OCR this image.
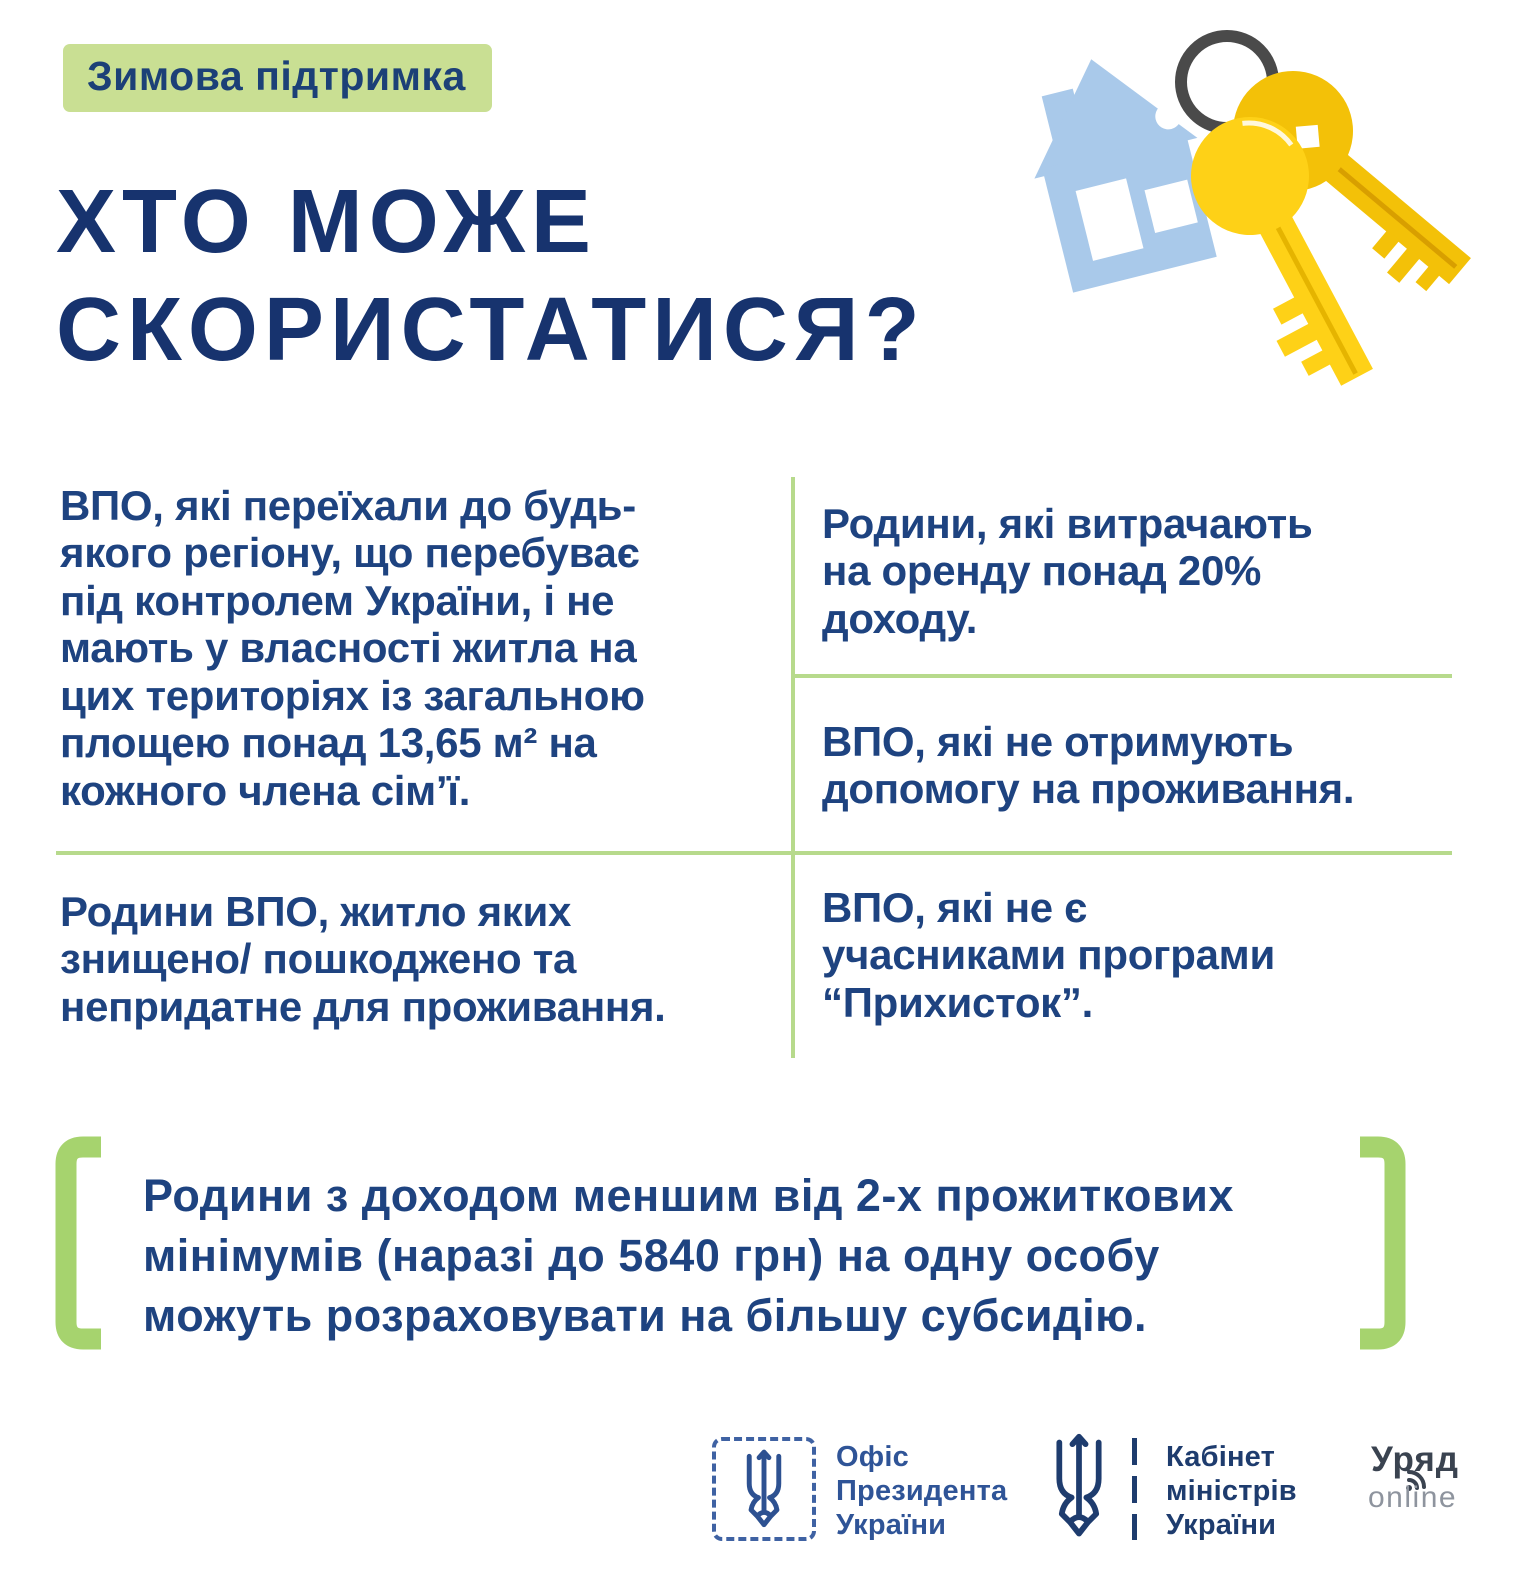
Зимова підтримка
ХТО МОЖЕ
СКОРИСТАТИСЯ?
ВПО, які переїхали до будь-
якого регіону, що перебуває
під контролем України, і не
мають у власності житла на
цих територіях із загальною
площею понад 13,65 м² на
кожного члена сім’ї.
Родини, які витрачають
на оренду понад 20%
доходу.
ВПО, які не отримують
допомогу на проживання.
Родини ВПО, житло яких
знищено/ пошкоджено та
непридатне для проживання.
ВПО, які не є
учасниками програми
“Прихисток”.
Родини з доходом меншим від 2-х прожиткових
мінімумів (наразі до 5840 грн) на одну особу
можуть розраховувати на більшу субсидію.
Офіс
Президента
України
Кабінет
міністрів
України
Уряд
online
